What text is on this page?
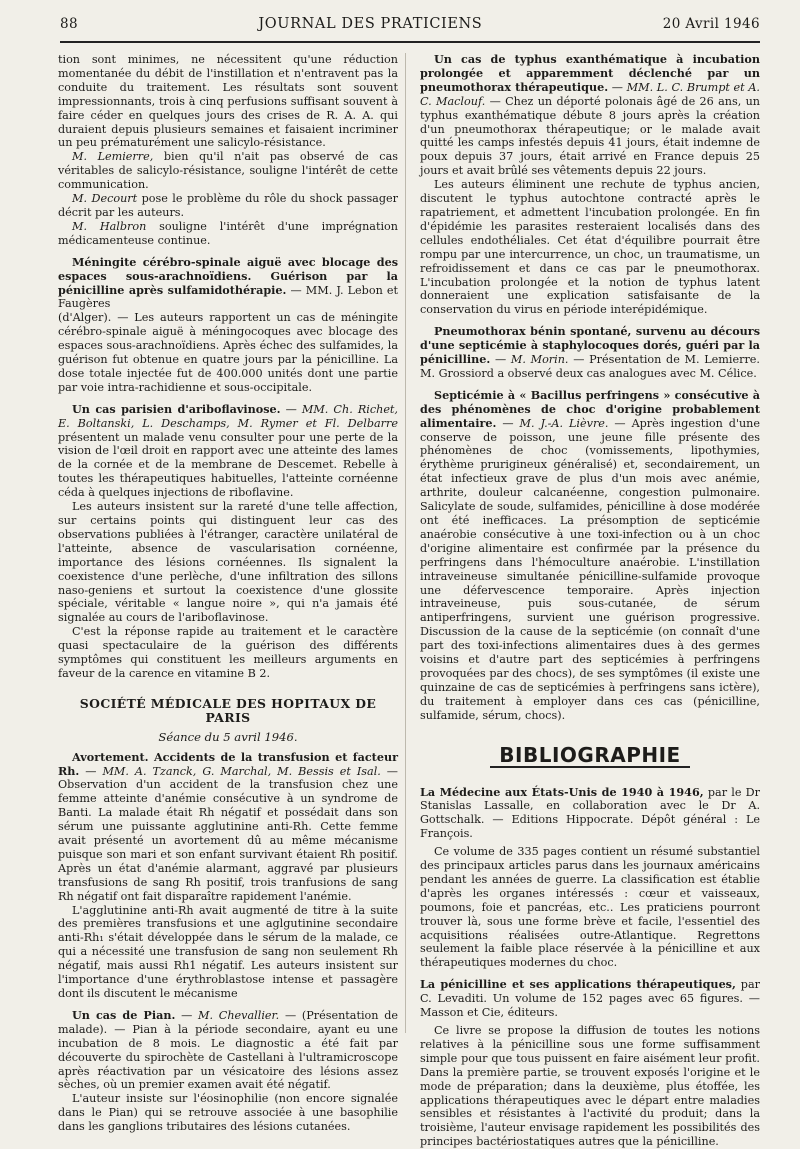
88	JOURNAL DES PRATICIENS	20 Avril 1946

tion sont minimes, ne nécessitent qu'une réduction momentanée du débit de l'instillation et n'entravent pas la conduite du traitement. Les résultats sont souvent impressionnants, trois à cinq perfusions suffisant souvent à faire céder en quelques jours des crises de R. A. A. qui duraient depuis plusieurs semaines et faisaient incriminer un peu prématurément une salicylo-résistance.

M. Lemierre, bien qu'il n'ait pas observé de cas véritables de salicylo-résistance, souligne l'intérêt de cette communication.

M. Decourt pose le problème du rôle du shock passager décrit par les auteurs.

M. Halbron souligne l'intérêt d'une imprégnation médicamenteuse continue.

Méningite cérébro-spinale aiguë avec blocage des espaces sous-arachnoïdiens. Guérison par la pénicilline après sulfamidothérapie. — MM. J. Lebon et Faugères

(d'Alger). — Les auteurs rapportent un cas de méningite cérébro-spinale aiguë à méningocoques avec blocage des espaces sous-arachnoïdiens. Après échec des sulfamides, la guérison fut obtenue en quatre jours par la pénicilline. La dose totale injectée fut de 400.000 unités dont une partie par voie intra-rachidienne et sous-occipitale.

Un cas parisien d'ariboflavinose. — MM. Ch. Richet, E. Boltanski, L. Deschamps, M. Rymer et Fl. Delbarre présentent un malade venu consulter pour une perte de la vision de l'œil droit en rapport avec une atteinte des lames de la cornée et de la membrane de Descemet. Rebelle à toutes les thérapeutiques habituelles, l'atteinte cornéenne céda à quelques injections de riboflavine.

Les auteurs insistent sur la rareté d'une telle affection, sur certains points qui distinguent leur cas des observations publiées à l'étranger, caractère unilatéral de l'atteinte, absence de vascularisation cornéenne, importance des lésions cornéennes. Ils signalent la coexistence d'une perlèche, d'une infiltration des sillons naso-geniens et surtout la coexistence d'une glossite spéciale, véritable « langue noire », qui n'a jamais été signalée au cours de l'ariboflavinose.

C'est la réponse rapide au traitement et le caractère quasi spectaculaire de la guérison des différents symptômes qui constituent les meilleurs arguments en faveur de la carence en vitamine B 2.

SOCIÉTÉ MÉDICALE DES HOPITAUX DE PARIS
Séance du 5 avril 1946.

Avortement. Accidents de la transfusion et facteur Rh. — MM. A. Tzanck, G. Marchal, M. Bessis et Isal. — Observation d'un accident de la transfusion chez une femme atteinte d'anémie consécutive à un syndrome de Banti. La malade était Rh négatif et possédait dans son sérum une puissante agglutinine anti-Rh. Cette femme avait présenté un avortement dû au même mécanisme puisque son mari et son enfant survivant étaient Rh positif. Après un état d'anémie alarmant, aggravé par plusieurs transfusions de sang Rh positif, trois tranfusions de sang Rh négatif ont fait disparaître rapidement l'anémie.

L'agglutinine anti-Rh avait augmenté de titre à la suite des premières transfusions et une aglgutinine secondaire anti-Rh₁ s'était développée dans le sérum de la malade, ce qui a nécessité une transfusion de sang non seulement Rh négatif, mais aussi Rh1 négatif. Les auteurs insistent sur l'importance d'une érythroblastose intense et passagère dont ils discutent le mécanisme

Un cas de Pian. — M. Chevallier. — (Présentation de malade). — Pian à la période secondaire, ayant eu une incubation de 8 mois. Le diagnostic a été fait par découverte du spirochète de Castellani à l'ultramicroscope après réactivation par un vésicatoire des lésions assez sèches, où un premier examen avait été négatif.

L'auteur insiste sur l'éosinophilie (non encore signalée dans le Pian) qui se retrouve associée à une basophilie dans les ganglions tributaires des lésions cutanées.

Un cas de typhus exanthématique à incubation prolongée et apparemment déclenché par un pneumothorax thérapeutique. — MM. L. C. Brumpt et A. C. Maclouf. — Chez un déporté polonais âgé de 26 ans, un typhus exanthématique débute 8 jours après la création d'un pneumothorax thérapeutique; or le malade avait quitté les camps infestés depuis 41 jours, était indemne de poux depuis 37 jours, était arrivé en France depuis 25 jours et avait brûlé ses vêtements depuis 22 jours.

Les auteurs éliminent une rechute de typhus ancien, discutent le typhus autochtone contracté après le rapatriement, et admettent l'incubation prolongée. En fin d'épidémie les parasites resteraient localisés dans des cellules endothéliales. Cet état d'équilibre pourrait être rompu par une intercurrence, un choc, un traumatisme, un refroidissement et dans ce cas par le pneumothorax. L'incubation prolongée et la notion de typhus latent donneraient une explication satisfaisante de la conservation du virus en période interépidémique.

Pneumothorax bénin spontané, survenu au décours d'une septicémie à staphylocoques dorés, guéri par la pénicilline. — M. Morin. — Présentation de M. Lemierre. M. Grossiord a observé deux cas analogues avec M. Célice.

Septicémie à « Bacillus perfringens » consécutive à des phénomènes de choc d'origine probablement alimentaire. — M. J.-A. Lièvre. — Après ingestion d'une conserve de poisson, une jeune fille présente des phénomènes de choc (vomissements, lipothymies, érythème prurigineux généralisé) et, secondairement, un état infectieux grave de plus d'un mois avec anémie, arthrite, douleur calcanéenne, congestion pulmonaire. Salicylate de soude, sulfamides, pénicilline à dose modérée ont été inefficaces. La présomption de septicémie anaérobie consécutive à une toxi-infection ou à un choc d'origine alimentaire est confirmée par la présence du perfringens dans l'hémoculture anaérobie. L'instillation intraveineuse simultanée pénicilline-sulfamide provoque une défervescence temporaire. Après injection intraveineuse, puis sous-cutanée, de sérum antiperfringens, survient une guérison progressive. Discussion de la cause de la septicémie (on connaît d'une part des toxi-infections alimentaires dues à des germes voisins et d'autre part des septicémies à perfringens provoquées par des chocs), de ses symptômes (il existe une quinzaine de cas de septicémies à perfringens sans ictère), du traitement à employer dans ces cas (pénicilline, sulfamide, sérum, chocs).

BIBLIOGRAPHIE

La Médecine aux États-Unis de 1940 à 1946, par le Dr Stanislas Lassalle, en collaboration avec le Dr A. Gottschalk. — Editions Hippocrate. Dépôt général : Le François.

Ce volume de 335 pages contient un résumé substantiel des principaux articles parus dans les journaux américains pendant les années de guerre. La classification est établie d'après les organes intéressés : cœur et vaisseaux, poumons, foie et pancréas, etc.. Les praticiens pourront trouver là, sous une forme brève et facile, l'essentiel des acquisitions réalisées outre-Atlantique. Regrettons seulement la faible place réservée à la pénicilline et aux thérapeutiques modernes du choc.

La pénicilline et ses applications thérapeutiques, par C. Levaditi. Un volume de 152 pages avec 65 figures. — Masson et Cie, éditeurs.

Ce livre se propose la diffusion de toutes les notions relatives à la pénicilline sous une forme suffisamment simple pour que tous puissent en faire aisément leur profit. Dans la première partie, se trouvent exposés l'origine et le mode de préparation; dans la deuxième, plus étoffée, les applications thérapeutiques avec le départ entre maladies sensibles et résistantes à l'activité du produit; dans la troisième, l'auteur envisage rapidement les possibilités des principes bactériostatiques autres que la pénicilline.
